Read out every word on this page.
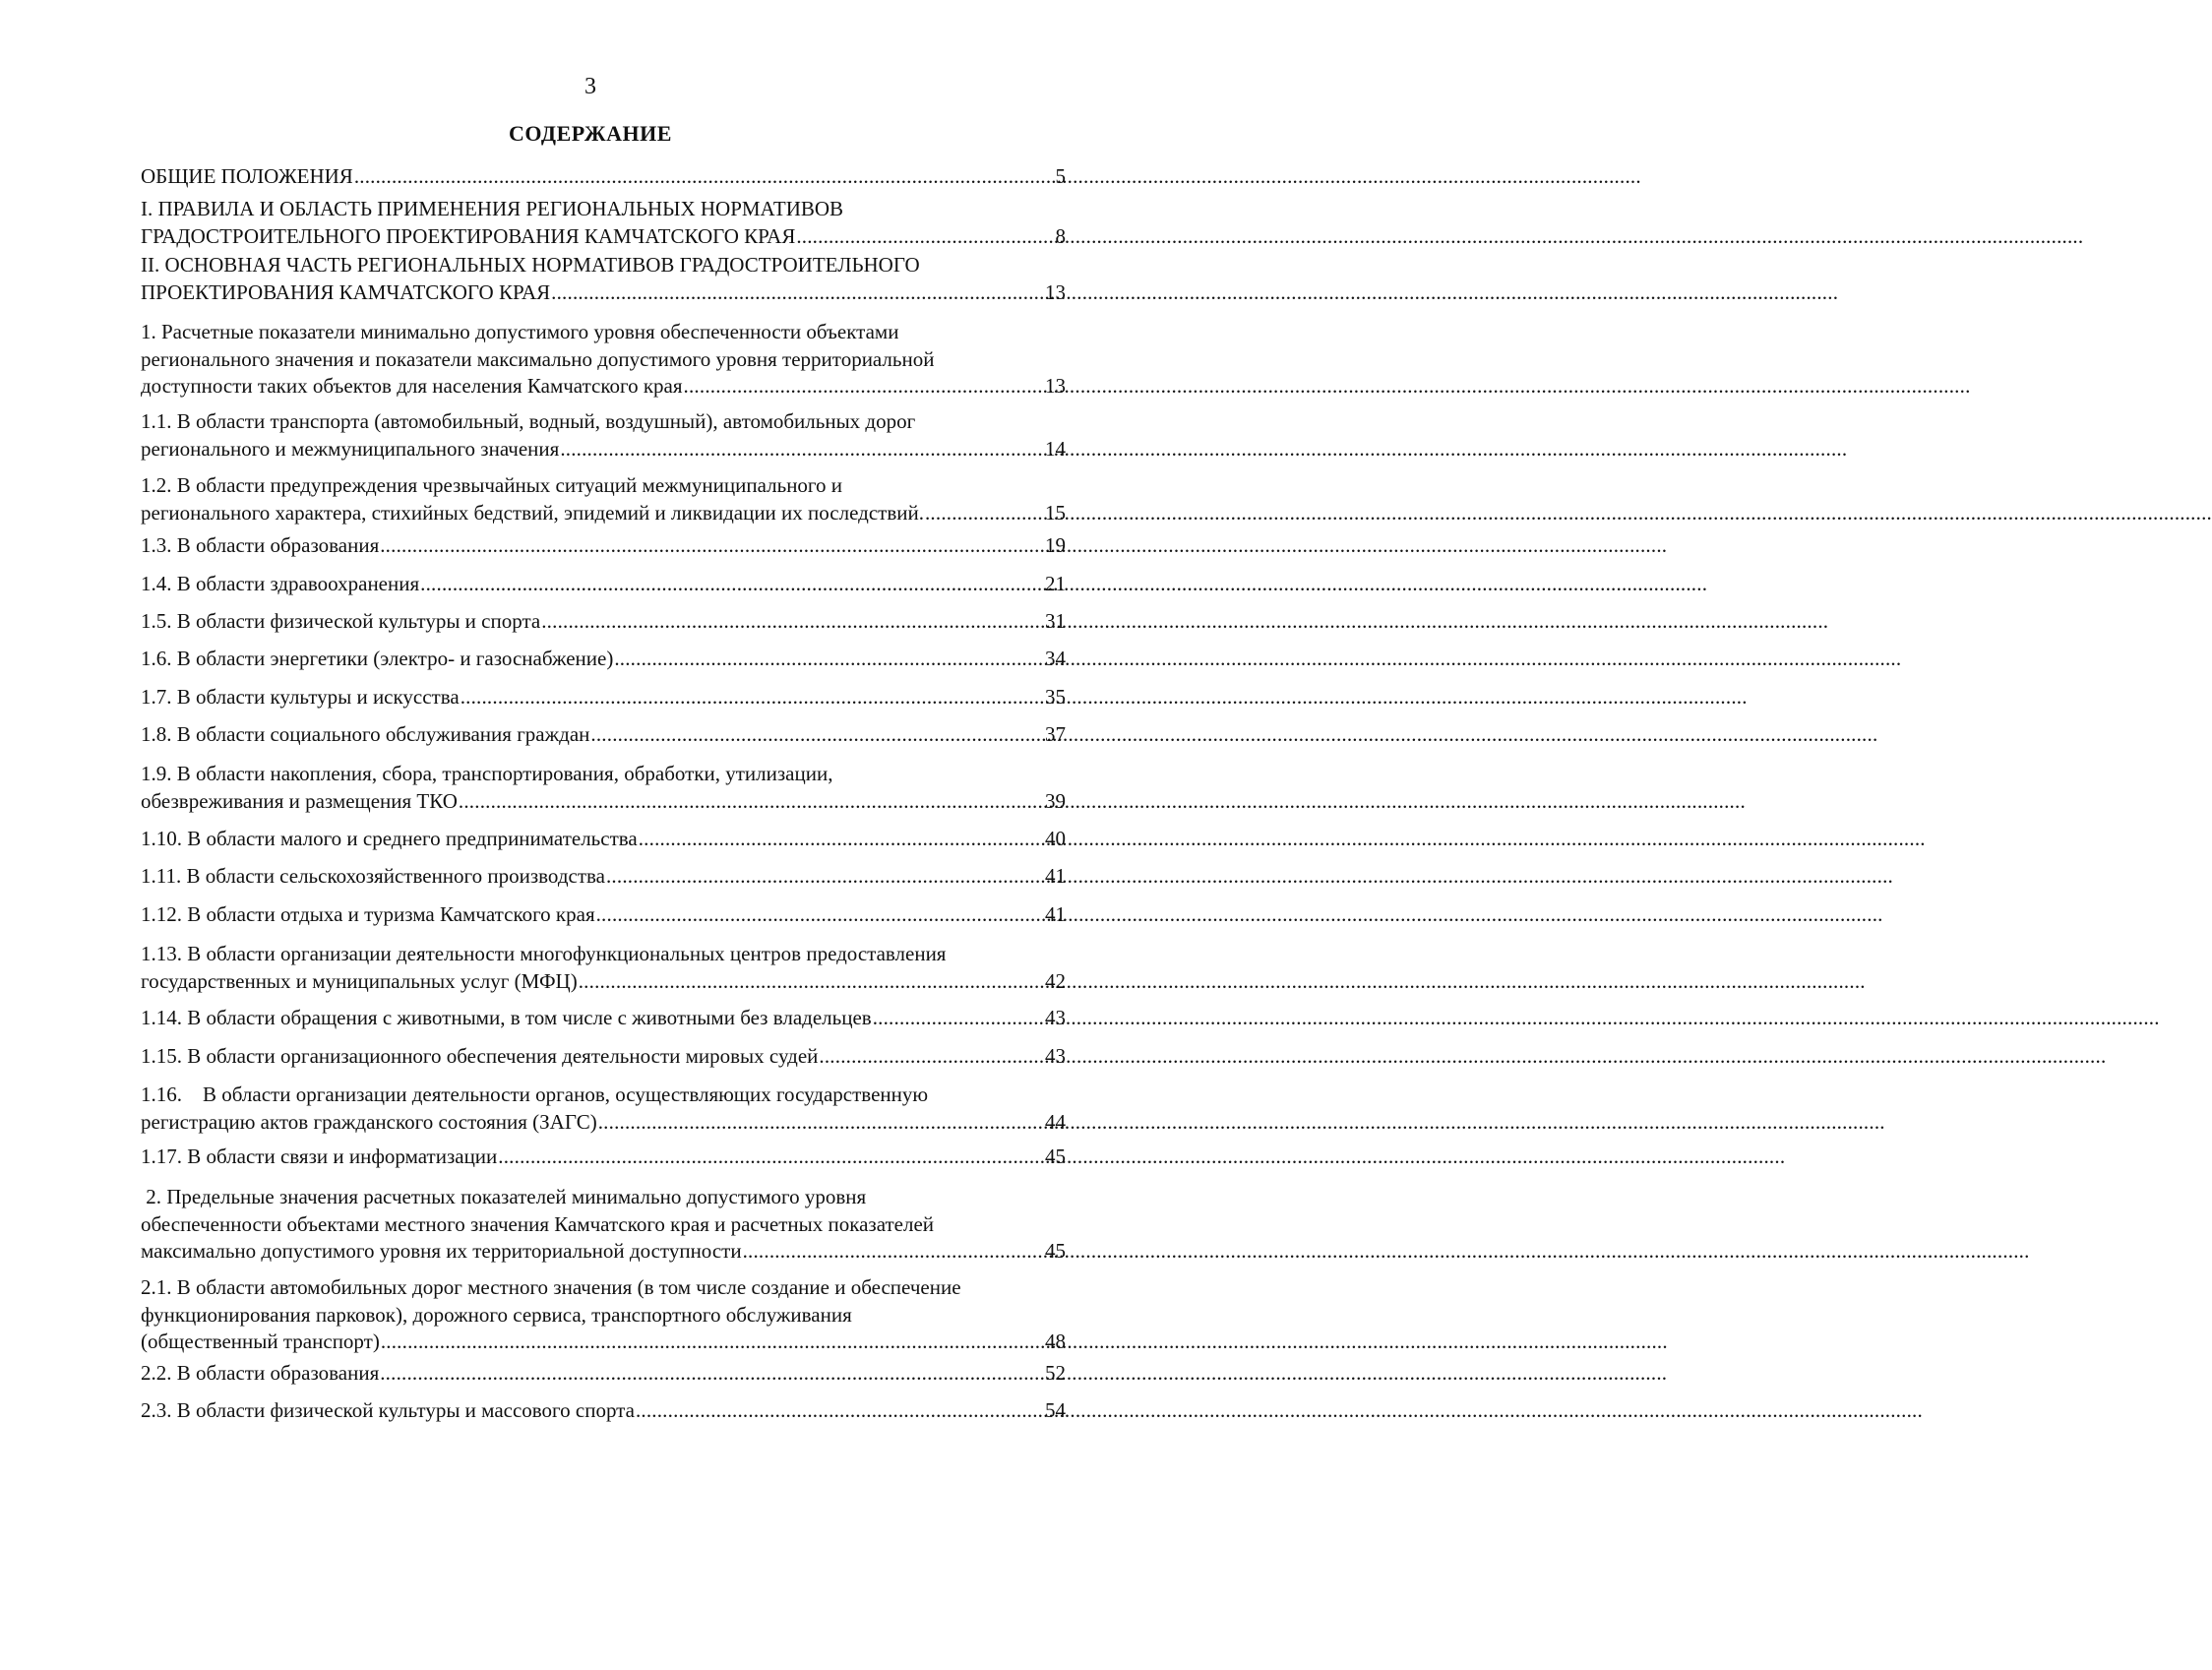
3
СОДЕРЖАНИЕ
ОБЩИЕ ПОЛОЖЕНИЯ .....	5
I. ПРАВИЛА И ОБЛАСТЬ ПРИМЕНЕНИЯ РЕГИОНАЛЬНЫХ НОРМАТИВОВ
ГРАДОСТРОИТЕЛЬНОГО ПРОЕКТИРОВАНИЯ КАМЧАТСКОГО КРАЯ .....	8
II. ОСНОВНАЯ ЧАСТЬ РЕГИОНАЛЬНЫХ НОРМАТИВОВ ГРАДОСТРОИТЕЛЬНОГО
ПРОЕКТИРОВАНИЯ КАМЧАТСКОГО КРАЯ .....	13
1. Расчетные показатели минимально допустимого уровня обеспеченности объектами
регионального значения и показатели максимально допустимого уровня территориальной
доступности таких объектов для населения Камчатского края .....	13
1.1. В области транспорта (автомобильный, водный, воздушный), автомобильных дорог
регионального и межмуниципального значения .....	14
1.2. В области предупреждения чрезвычайных ситуаций межмуниципального и
регионального характера, стихийных бедствий, эпидемий и ликвидации их последствий. .....	15
1.3. В области образования .....	19
1.4. В области здравоохранения .....	21
1.5. В области физической культуры и спорта .....	31
1.6. В области энергетики (электро- и газоснабжение) .....	34
1.7. В области культуры и искусства .....	35
1.8. В области социального обслуживания граждан .....	37
1.9. В области накопления, сбора, транспортирования, обработки, утилизации,
обезвреживания и размещения ТКО .....	39
1.10. В области малого и среднего предпринимательства .....	40
1.11. В области сельскохозяйственного производства .....	41
1.12. В области отдыха и туризма Камчатского края .....	41
1.13. В области организации деятельности многофункциональных центров предоставления
государственных и муниципальных услуг (МФЦ) .....	42
1.14. В области обращения с животными, в том числе с животными без владельцев .....	43
1.15. В области организационного обеспечения деятельности мировых судей .....	43
1.16.    В области организации деятельности органов, осуществляющих государственную
регистрацию актов гражданского состояния (ЗАГС) .....	44
1.17. В области связи и информатизации .....	45
2. Предельные значения расчетных показателей минимально допустимого уровня
обеспеченности объектами местного значения Камчатского края и расчетных показателей
максимально допустимого уровня их территориальной доступности .....	45
2.1. В области автомобильных дорог местного значения (в том числе создание и обеспечение
функционирования парковок), дорожного сервиса, транспортного обслуживания
(общественный транспорт) .....	48
2.2. В области образования .....	52
2.3. В области физической культуры и массового спорта .....	54
